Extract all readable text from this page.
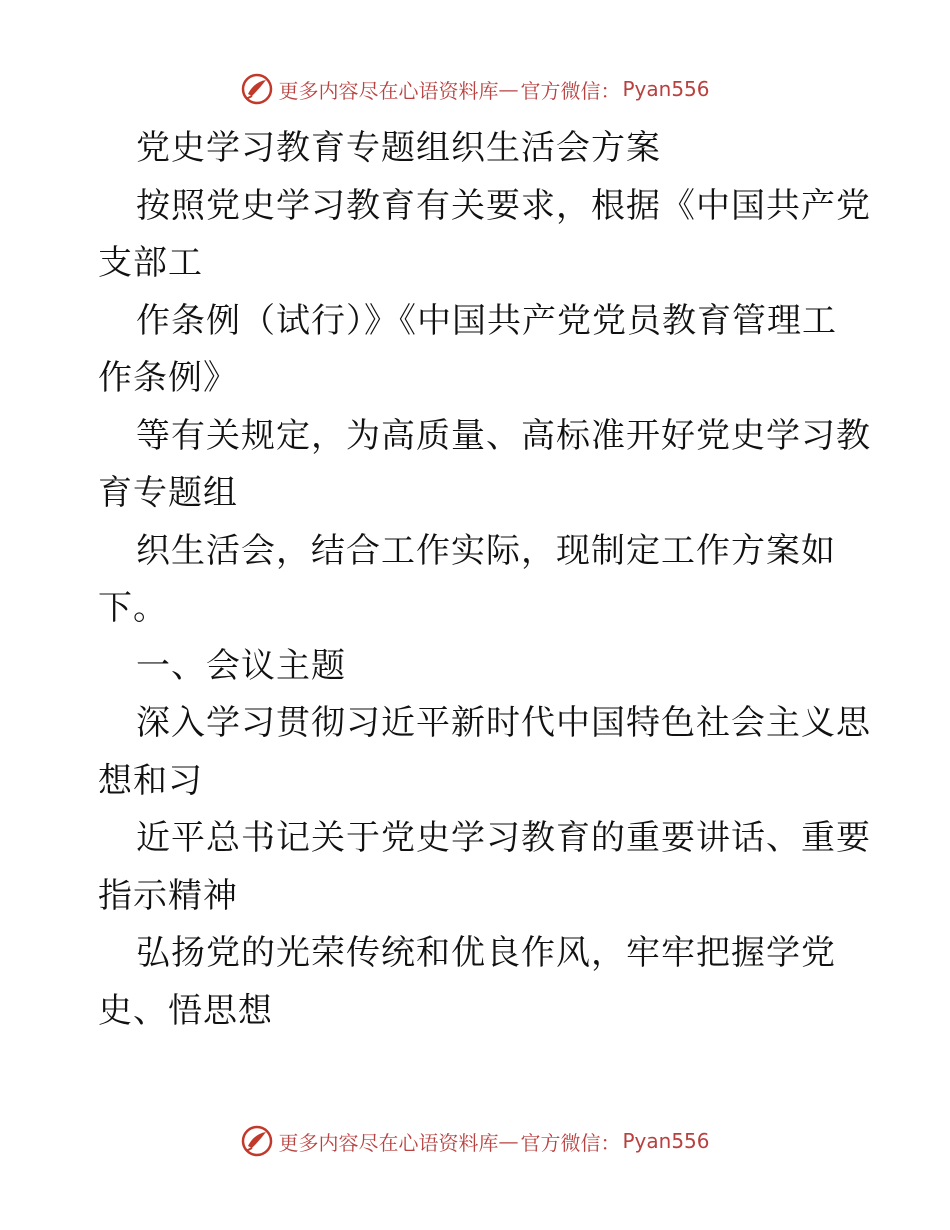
更多内容尽在心语资料库 — 官方微信： Pyan556
党史学习教育专题组织生活会方案
按照党史学习教育有关要求，根据《中国共产党
支部工
作条例（试行）》《中国共产党党员教育管理工
作条例》
等有关规定，为高质量、高标准开好党史学习教
育专题组
织生活会，结合工作实际，现制定工作方案如
下。
一、会议主题
深入学习贯彻习近平新时代中国特色社会主义思
想和习
近平总书记关于党史学习教育的重要讲话、重要
指示精神
弘扬党的光荣传统和优良作风，牢牢把握学党
史、悟思想
更多内容尽在心语资料库 — 官方微信： Pyan556
